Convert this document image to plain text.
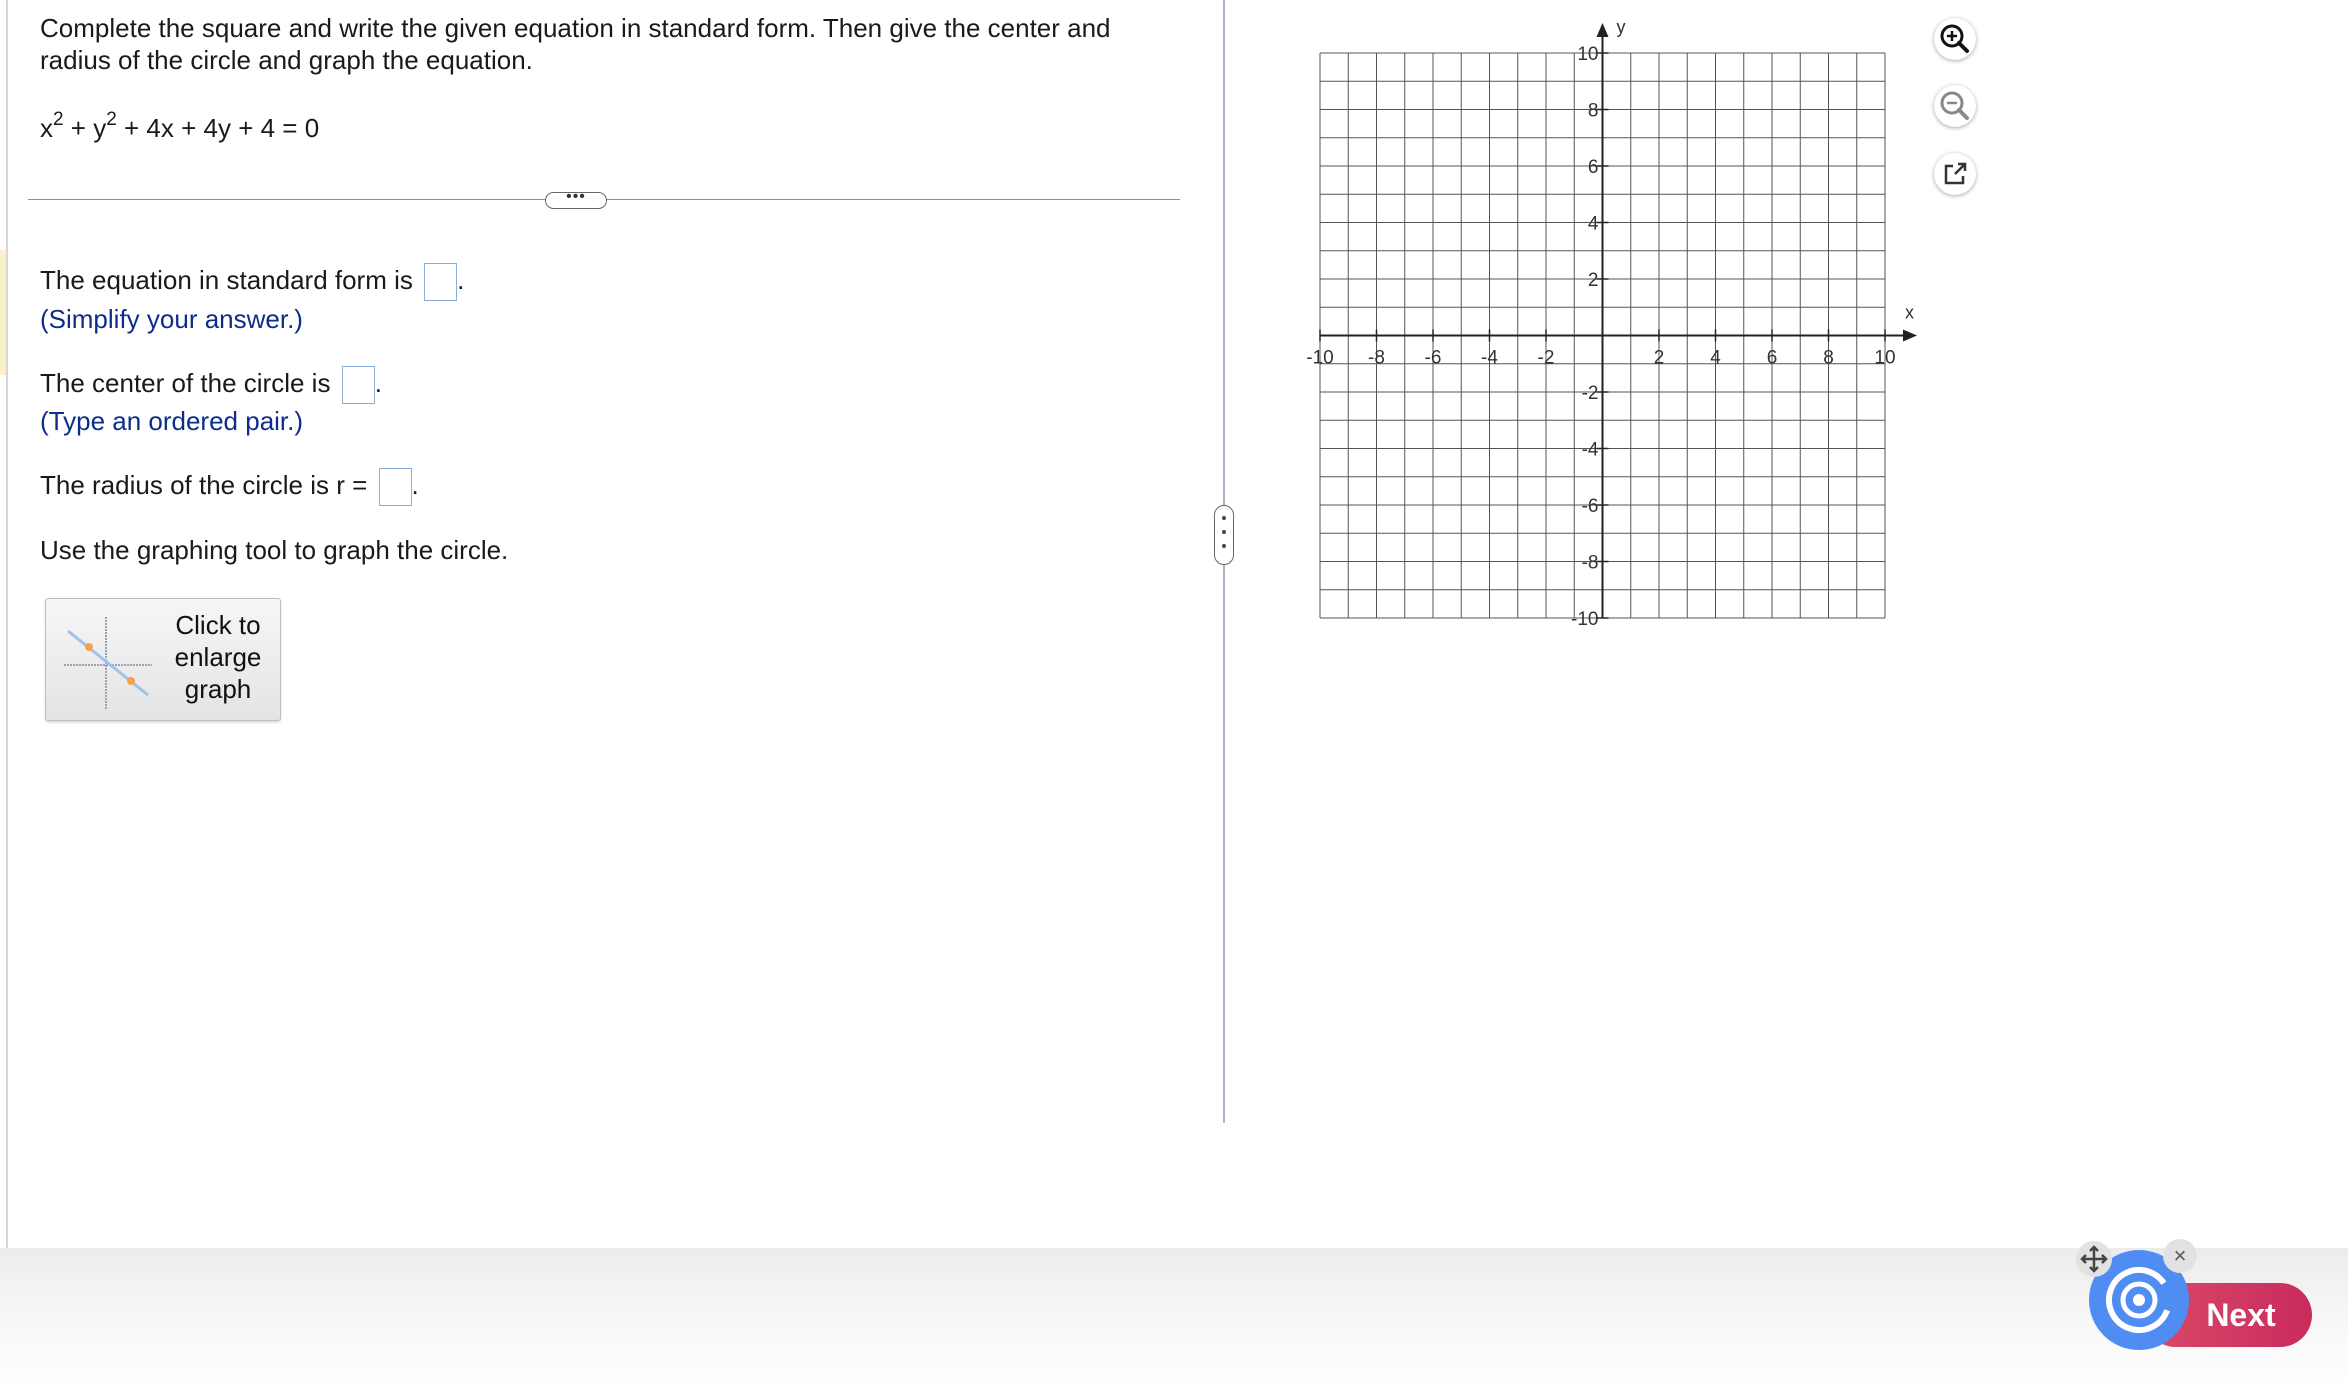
Complete the square and write the given equation in standard form. Then give the center and radius of the circle and graph the equation.
$x^2 + y^2 + 4x + 4y + 4 = 0$
•••
The equation in standard form is .
(Simplify your answer.)
The center of the circle is .
(Type an ordered pair.)
The radius of the circle is r = .
Use the graphing tool to graph the circle.
Click to
enlarge
graph
x
y
-10 -8 -6 -4 -2	2 4 6 8 10
10
8
6
4
2
-2
-4
-6
-8
-10
Next
×
